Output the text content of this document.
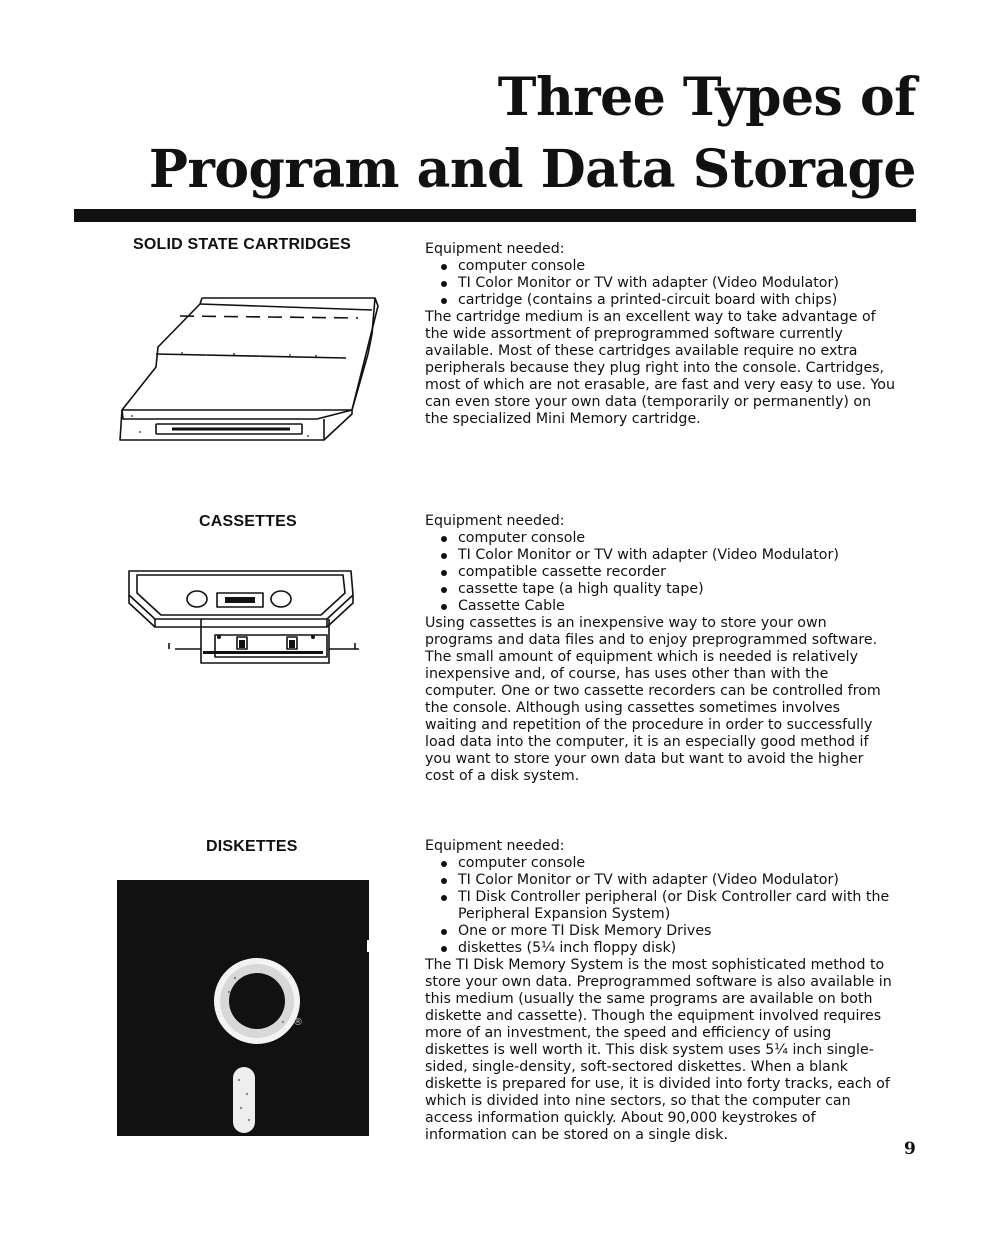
Three Types of
Program and Data Storage
SOLID STATE CARTRIDGES	Equipment needed:

computer console
TI Color Monitor or TV with adapter (Video Modulator)
cartridge (contains a printed-circuit board with chips)

The cartridge medium is an excellent way to take advantage of the wide assortment of preprogrammed software currently available. Most of these cartridges available require no extra peripherals because they plug right into the console. Cartridges, most of which are not erasable, are fast and very easy to use. You can even store your own data (temporarily or permanently) on the specialized Mini Memory cartridge.

CASSETTES	Equipment needed:

computer console
TI Color Monitor or TV with adapter (Video Modulator)
compatible cassette recorder
cassette tape (a high quality tape)
Cassette Cable

Using cassettes is an inexpensive way to store your own programs and data files and to enjoy preprogrammed software. The small amount of equipment which is needed is relatively inexpensive and, of course, has uses other than with the computer. One or two cassette recorders can be controlled from the console. Although using cassettes sometimes involves waiting and repetition of the procedure in order to successfully load data into the computer, it is an especially good method if you want to store your own data but want to avoid the higher cost of a disk system.

DISKETTES
®

Equipment needed:

computer console
TI Color Monitor or TV with adapter (Video Modulator)
TI Disk Controller peripheral (or Disk Controller card with the Peripheral Expansion System)
One or more TI Disk Memory Drives
diskettes (5¼ inch floppy disk)

The TI Disk Memory System is the most sophisticated method to store your own data. Preprogrammed software is also available in this medium (usually the same programs are available on both diskette and cassette). Though the equipment involved requires more of an investment, the speed and efficiency of using diskettes is well worth it. This disk system uses 5¼ inch single-sided, single-density, soft-sectored diskettes. When a blank diskette is prepared for use, it is divided into forty tracks, each of which is divided into nine sectors, so that the computer can access information quickly. About 90,000 keystrokes of information can be stored on a single disk.

9
